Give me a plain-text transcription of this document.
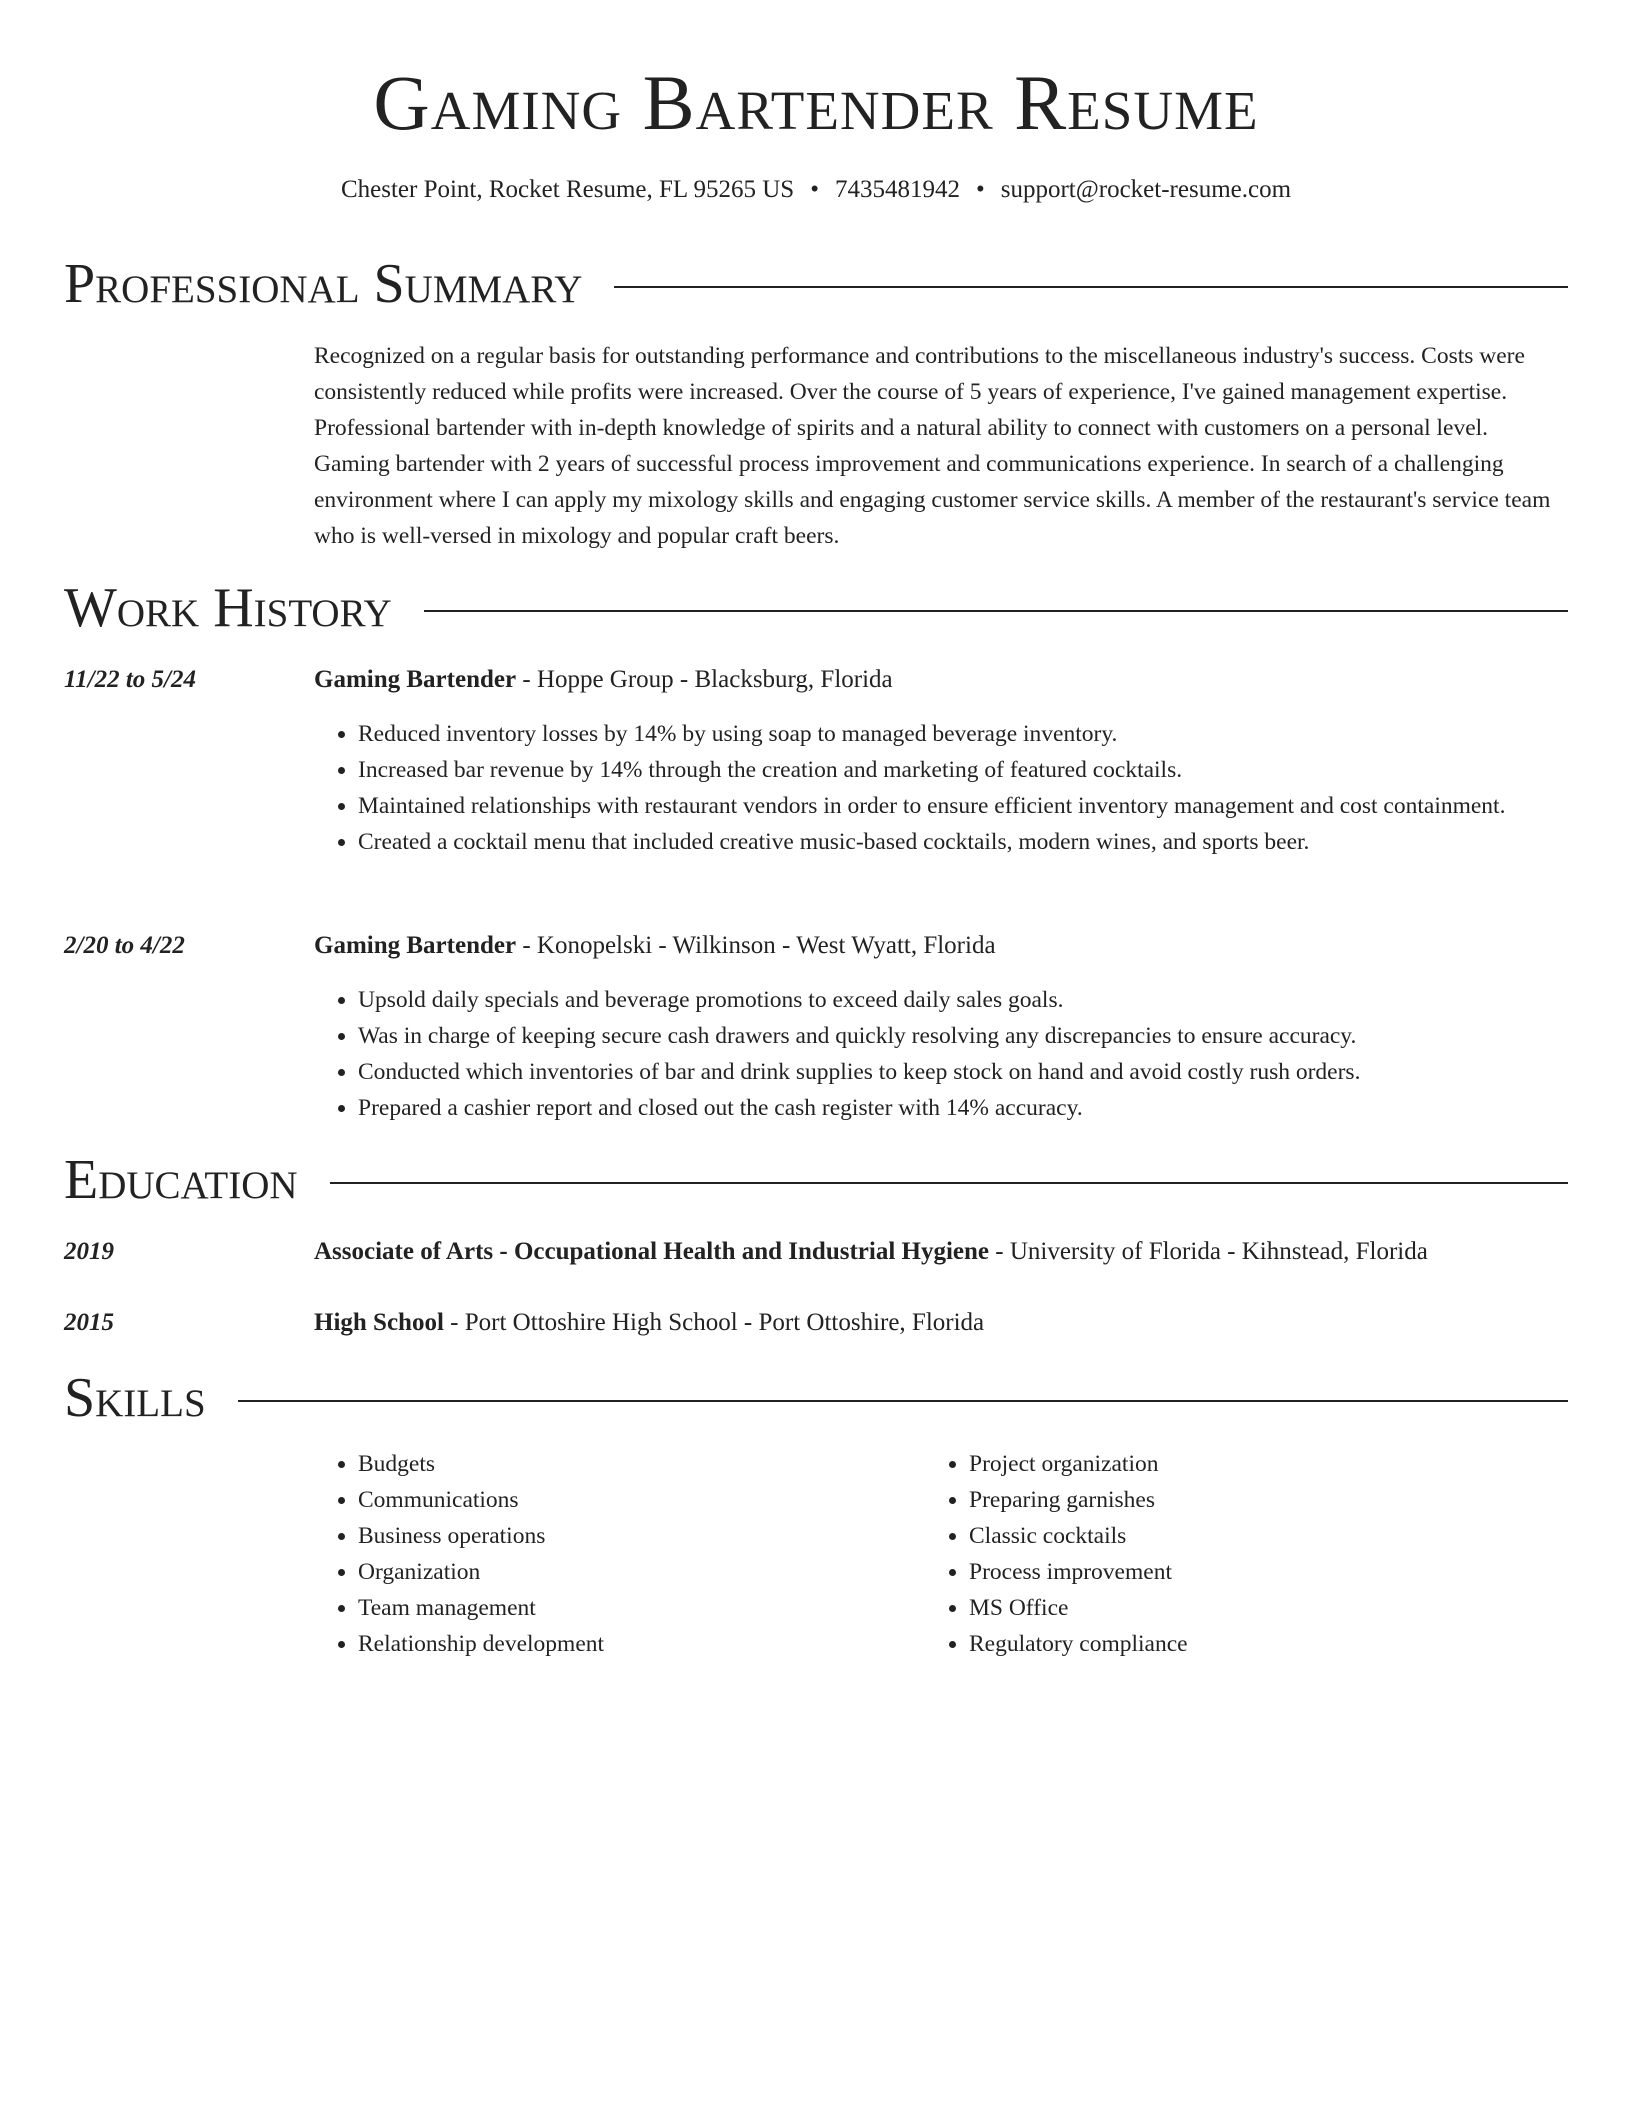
Gaming Bartender Resume
Chester Point, Rocket Resume, FL 95265 US • 7435481942 • support@rocket-resume.com
Professional Summary
Recognized on a regular basis for outstanding performance and contributions to the miscellaneous industry's success. Costs were consistently reduced while profits were increased. Over the course of 5 years of experience, I've gained management expertise. Professional bartender with in-depth knowledge of spirits and a natural ability to connect with customers on a personal level. Gaming bartender with 2 years of successful process improvement and communications experience. In search of a challenging environment where I can apply my mixology skills and engaging customer service skills. A member of the restaurant's service team who is well-versed in mixology and popular craft beers.
Work History
11/22 to 5/24	Gaming Bartender - Hoppe Group - Blacksburg, Florida
• Reduced inventory losses by 14% by using soap to managed beverage inventory.
• Increased bar revenue by 14% through the creation and marketing of featured cocktails.
• Maintained relationships with restaurant vendors in order to ensure efficient inventory management and cost containment.
• Created a cocktail menu that included creative music-based cocktails, modern wines, and sports beer.
2/20 to 4/22	Gaming Bartender - Konopelski - Wilkinson - West Wyatt, Florida
• Upsold daily specials and beverage promotions to exceed daily sales goals.
• Was in charge of keeping secure cash drawers and quickly resolving any discrepancies to ensure accuracy.
• Conducted which inventories of bar and drink supplies to keep stock on hand and avoid costly rush orders.
• Prepared a cashier report and closed out the cash register with 14% accuracy.
Education
2019	Associate of Arts - Occupational Health and Industrial Hygiene - University of Florida - Kihnstead, Florida
2015	High School - Port Ottoshire High School - Port Ottoshire, Florida
Skills
• Budgets
• Communications
• Business operations
• Organization
• Team management
• Relationship development
• Project organization
• Preparing garnishes
• Classic cocktails
• Process improvement
• MS Office
• Regulatory compliance
